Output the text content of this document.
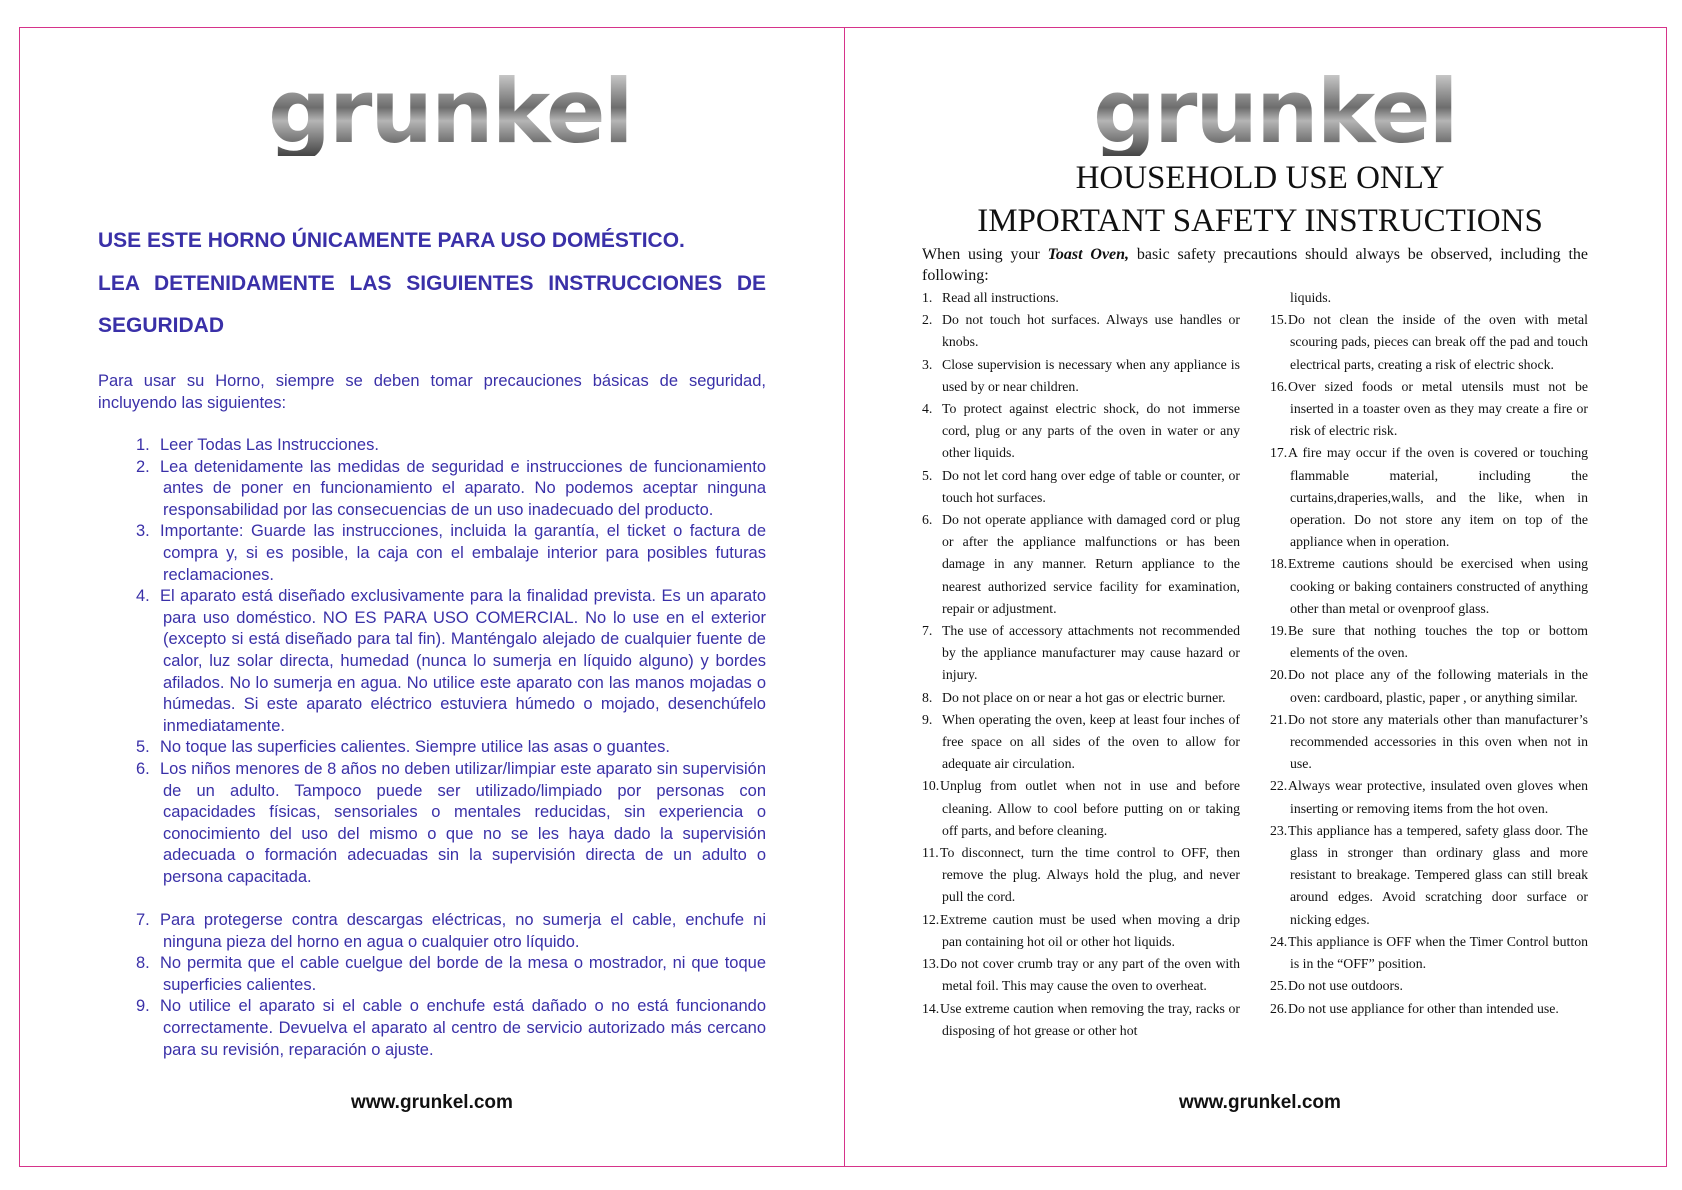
grunkel
USE ESTE HORNO ÚNICAMENTE PARA USO DOMÉSTICO.
LEA DETENIDAMENTE LAS SIGUIENTES INSTRUCCIONES DE
SEGURIDAD
Para usar su Horno, siempre se deben tomar precauciones básicas de seguridad, incluyendo las siguientes:
1. Leer Todas Las Instrucciones.
2. Lea detenidamente las medidas de seguridad e instrucciones de funcionamiento antes de poner en funcionamiento el aparato. No podemos aceptar ninguna responsabilidad por las consecuencias de un uso inadecuado del producto.
3. Importante: Guarde las instrucciones, incluida la garantía, el ticket o factura de compra y, si es posible, la caja con el embalaje interior para posibles futuras reclamaciones.
4. El aparato está diseñado exclusivamente para la finalidad prevista. Es un aparato para uso doméstico. NO ES PARA USO COMERCIAL. No lo use en el exterior (excepto si está diseñado para tal fin). Manténgalo alejado de cualquier fuente de calor, luz solar directa, humedad (nunca lo sumerja en líquido alguno) y bordes afilados. No lo sumerja en agua. No utilice este aparato con las manos mojadas o húmedas. Si este aparato eléctrico estuviera húmedo o mojado, desenchúfelo inmediatamente.
5. No toque las superficies calientes. Siempre utilice las asas o guantes.
6. Los niños menores de 8 años no deben utilizar/limpiar este aparato sin supervisión de un adulto. Tampoco puede ser utilizado/limpiado por personas con capacidades físicas, sensoriales o mentales reducidas, sin experiencia o conocimiento del uso del mismo o que no se les haya dado la supervisión adecuada o formación adecuadas sin la supervisión directa de un adulto o persona capacitada.
7. Para protegerse contra descargas eléctricas, no sumerja el cable, enchufe ni ninguna pieza del horno en agua o cualquier otro líquido.
8. No permita que el cable cuelgue del borde de la mesa o mostrador, ni que toque superficies calientes.
9. No utilice el aparato si el cable o enchufe está dañado o no está funcionando correctamente. Devuelva el aparato al centro de servicio autorizado más cercano para su revisión, reparación o ajuste.
www.grunkel.com
grunkel
HOUSEHOLD USE ONLY
IMPORTANT SAFETY INSTRUCTIONS
When using your Toast Oven, basic safety precautions should always be observed, including the following:
1. Read all instructions.
2. Do not touch hot surfaces. Always use handles or knobs.
3. Close supervision is necessary when any appliance is used by or near children.
4. To protect against electric shock, do not immerse cord, plug or any parts of the oven in water or any other liquids.
5. Do not let cord hang over edge of table or counter, or touch hot surfaces.
6. Do not operate appliance with damaged cord or plug or after the appliance malfunctions or has been damage in any manner. Return appliance to the nearest authorized service facility for examination, repair or adjustment.
7. The use of accessory attachments not recommended by the appliance manufacturer may cause hazard or injury.
8. Do not place on or near a hot gas or electric burner.
9. When operating the oven, keep at least four inches of free space on all sides of the oven to allow for adequate air circulation.
10.Unplug from outlet when not in use and before cleaning. Allow to cool before putting on or taking off parts, and before cleaning.
11.To disconnect, turn the time control to OFF, then remove the plug. Always hold the plug, and never pull the cord.
12.Extreme caution must be used when moving a drip pan containing hot oil or other hot liquids.
13.Do not cover crumb tray or any part of the oven with metal foil. This may cause the oven to overheat.
14.Use extreme caution when removing the tray, racks or disposing of hot grease or other hot
liquids.
15.Do not clean the inside of the oven with metal scouring pads, pieces can break off the pad and touch electrical parts, creating a risk of electric shock.
16.Over sized foods or metal utensils must not be inserted in a toaster oven as they may create a fire or risk of electric risk.
17.A fire may occur if the oven is covered or touching flammable material, including the curtains,draperies,walls, and the like, when in operation. Do not store any item on top of the appliance when in operation.
18.Extreme cautions should be exercised when using cooking or baking containers constructed of anything other than metal or ovenproof glass.
19.Be sure that nothing touches the top or bottom elements of the oven.
20.Do not place any of the following materials in the oven: cardboard, plastic, paper , or anything similar.
21.Do not store any materials other than manufacturer’s recommended accessories in this oven when not in use.
22.Always wear protective, insulated oven gloves when inserting or removing items from the hot oven.
23.This appliance has a tempered, safety glass door. The glass in stronger than ordinary glass and more resistant to breakage. Tempered glass can still break around edges. Avoid scratching door surface or nicking edges.
24.This appliance is OFF when the Timer Control button is in the “OFF” position.
25.Do not use outdoors.
26.Do not use appliance for other than intended use.
www.grunkel.com
